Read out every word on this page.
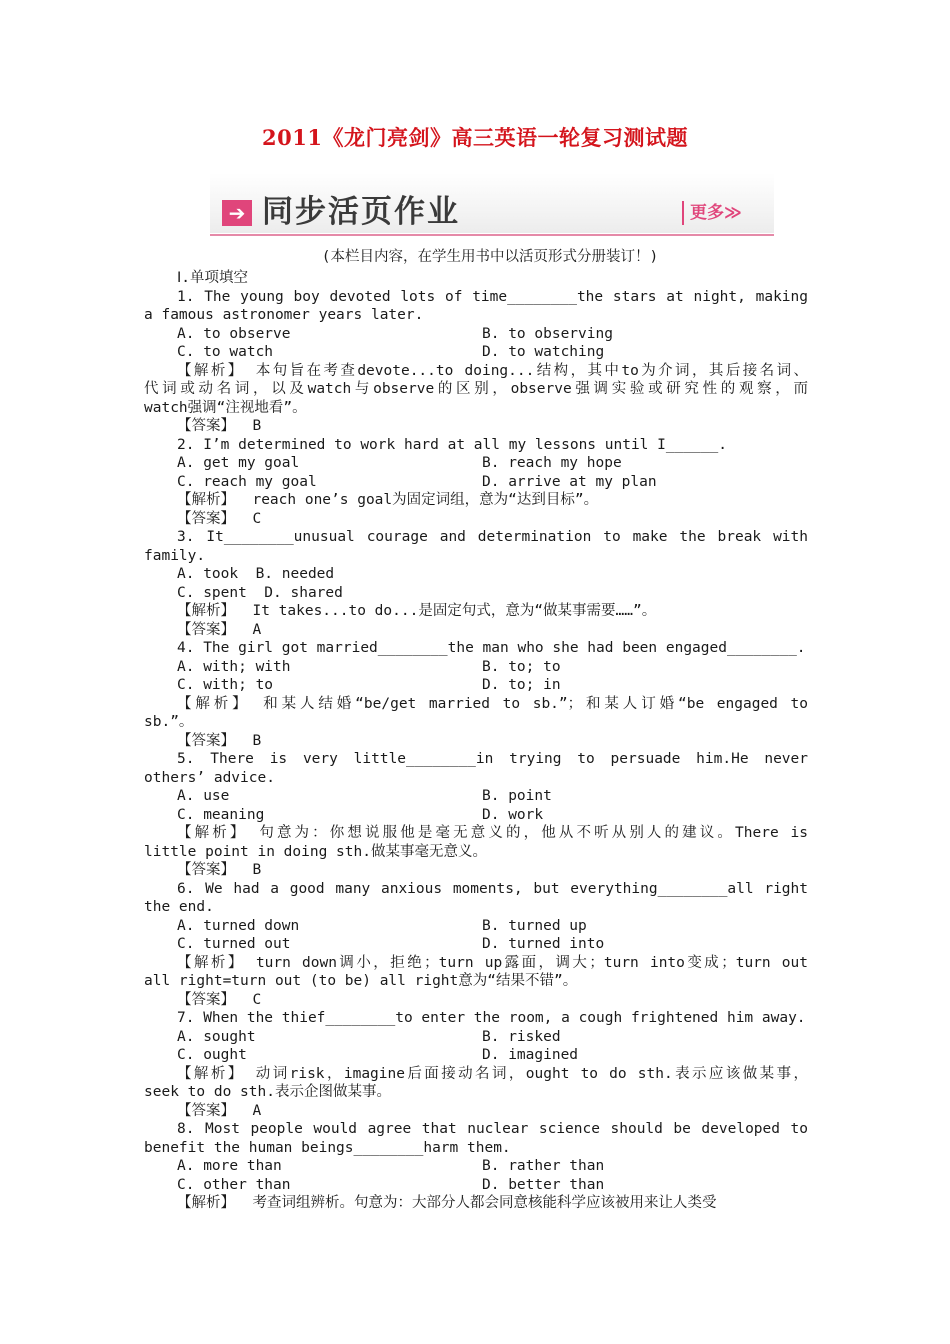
2011《龙门亮剑》高三英语一轮复习测试题
➔ 同步活页作业	更多≫
(本栏目内容，在学生用书中以活页形式分册装订！)
Ⅰ.单项填空
1. The young boy devoted lots of time________the stars at night, making
a famous astronomer years later.
A. to observe	B. to observing
C. to watch	D. to watching
【解析】 本句旨在考查devote...to doing...结构，其中to为介词，其后接名词、
代词或动名词，以及watch与observe的区别，observe强调实验或研究性的观察，而
watch强调“注视地看”。
【答案】  B
2. I’m determined to work hard at all my lessons until I______.
A. get my goal	B. reach my hope
C. reach my goal	D. arrive at my plan
【解析】  reach one’s goal为固定词组，意为“达到目标”。
【答案】  C
3. It________unusual courage and determination to make the break with
family.
A. took  B. needed
C. spent  D. shared
【解析】  It takes...to do...是固定句式，意为“做某事需要……”。
【答案】  A
4. The girl got married________the man who she had been engaged________.
A. with; with	B. to; to
C. with; to	D. to; in
【解析】 和某人结婚“be/get married to sb.”；和某人订婚“be engaged to
sb.”。
【答案】  B
5. There is very little________in trying to persuade him.He never
others’ advice.
A. use	B. point
C. meaning	D. work
【解析】 句意为：你想说服他是毫无意义的，他从不听从别人的建议。There is
little point in doing sth.做某事毫无意义。
【答案】  B
6. We had a good many anxious moments, but everything________all right
the end.
A. turned down	B. turned up
C. turned out	D. turned into
【解析】 turn down调小，拒绝；turn up露面，调大；turn into变成；turn out
all right=turn out (to be) all right意为“结果不错”。
【答案】  C
7. When the thief________to enter the room, a cough frightened him away.
A. sought	B. risked
C. ought	D. imagined
【解析】 动词risk，imagine后面接动名词，ought to do sth.表示应该做某事，
seek to do sth.表示企图做某事。
【答案】  A
8. Most people would agree that nuclear science should be developed to
benefit the human beings________harm them.
A. more than	B. rather than
C. other than	D. better than
【解析】  考查词组辨析。句意为：大部分人都会同意核能科学应该被用来让人类受
